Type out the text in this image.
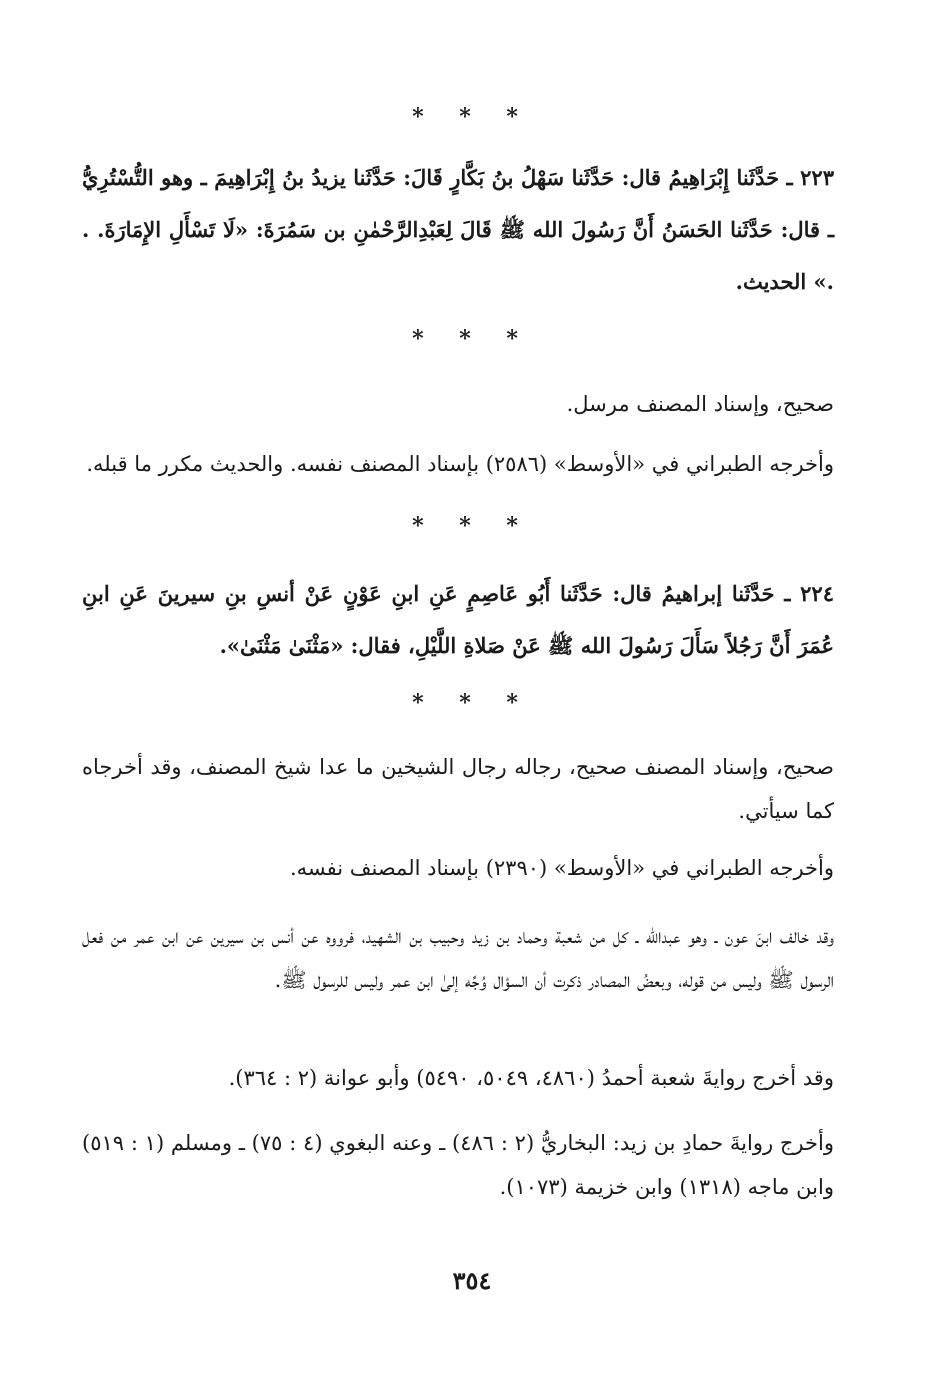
* * *

٢٢٣ ـ حَدَّثَنا إِبْرَاهِيمُ قال: حَدَّثَنا سَهْلُ بنُ بَكَّارٍ قَالَ: حَدَّثَنا يزيدُ بنُ إِبْرَاهِيمَ ـ وهو التُّسْتُرِيُّ ـ قال: حَدَّثَنا الحَسَنُ أَنَّ رَسُولَ الله ﷺ قَالَ لِعَبْدِالرَّحْمٰنِ بن سَمُرَةَ: «لَا تَسْأَلِ الإِمَارَةَ. . .» الحديث.

* * *

صحيح، وإسناد المصنف مرسل.

وأخرجه الطبراني في «الأوسط» (٢٥٨٦) بإسناد المصنف نفسه. والحديث مكرر ما قبله.

* * *

٢٢٤ ـ حَدَّثَنا إبراهيمُ قال: حَدَّثَنا أَبُو عَاصِمٍ عَنِ ابنِ عَوْنٍ عَنْ أنسِ بنِ سيرينَ عَنِ ابنِ عُمَرَ أَنَّ رَجُلاً سَأَلَ رَسُولَ الله ﷺ عَنْ صَلاةِ اللَّيْلِ، فقال: «مَثْنَىٰ مَثْنَىٰ».

* * *

صحيح، وإسناد المصنف صحيح، رجاله رجال الشيخين ما عدا شيخ المصنف، وقد أخرجاه كما سيأتي.

وأخرجه الطبراني في «الأوسط» (٢٣٩٠) بإسناد المصنف نفسه.

وقد خالف ابنَ عون ـ وهو عبدالله ـ كل من شعبة وحماد بن زيد وحبيب بن الشهيد، فرووه عن أنس بن سيرين عن ابن عمر من فعل الرسول ﷺ وليس من قوله، وبعضُ المصادر ذكرت أن السؤال وُجِّه إلىٰ ابن عمر وليس للرسول ﷺ.

وقد أخرج روايةَ شعبة أحمدُ (٤٨٦٠، ٥٠٤٩، ٥٤٩٠) وأبو عوانة (٢ : ٣٦٤).

وأخرج روايةَ حمادِ بن زيد: البخاريُّ (٢ : ٤٨٦) ـ وعنه البغوي (٤ : ٧٥) ـ ومسلم (١ : ٥١٩) وابن ماجه (١٣١٨) وابن خزيمة (١٠٧٣).

٣٥٤
